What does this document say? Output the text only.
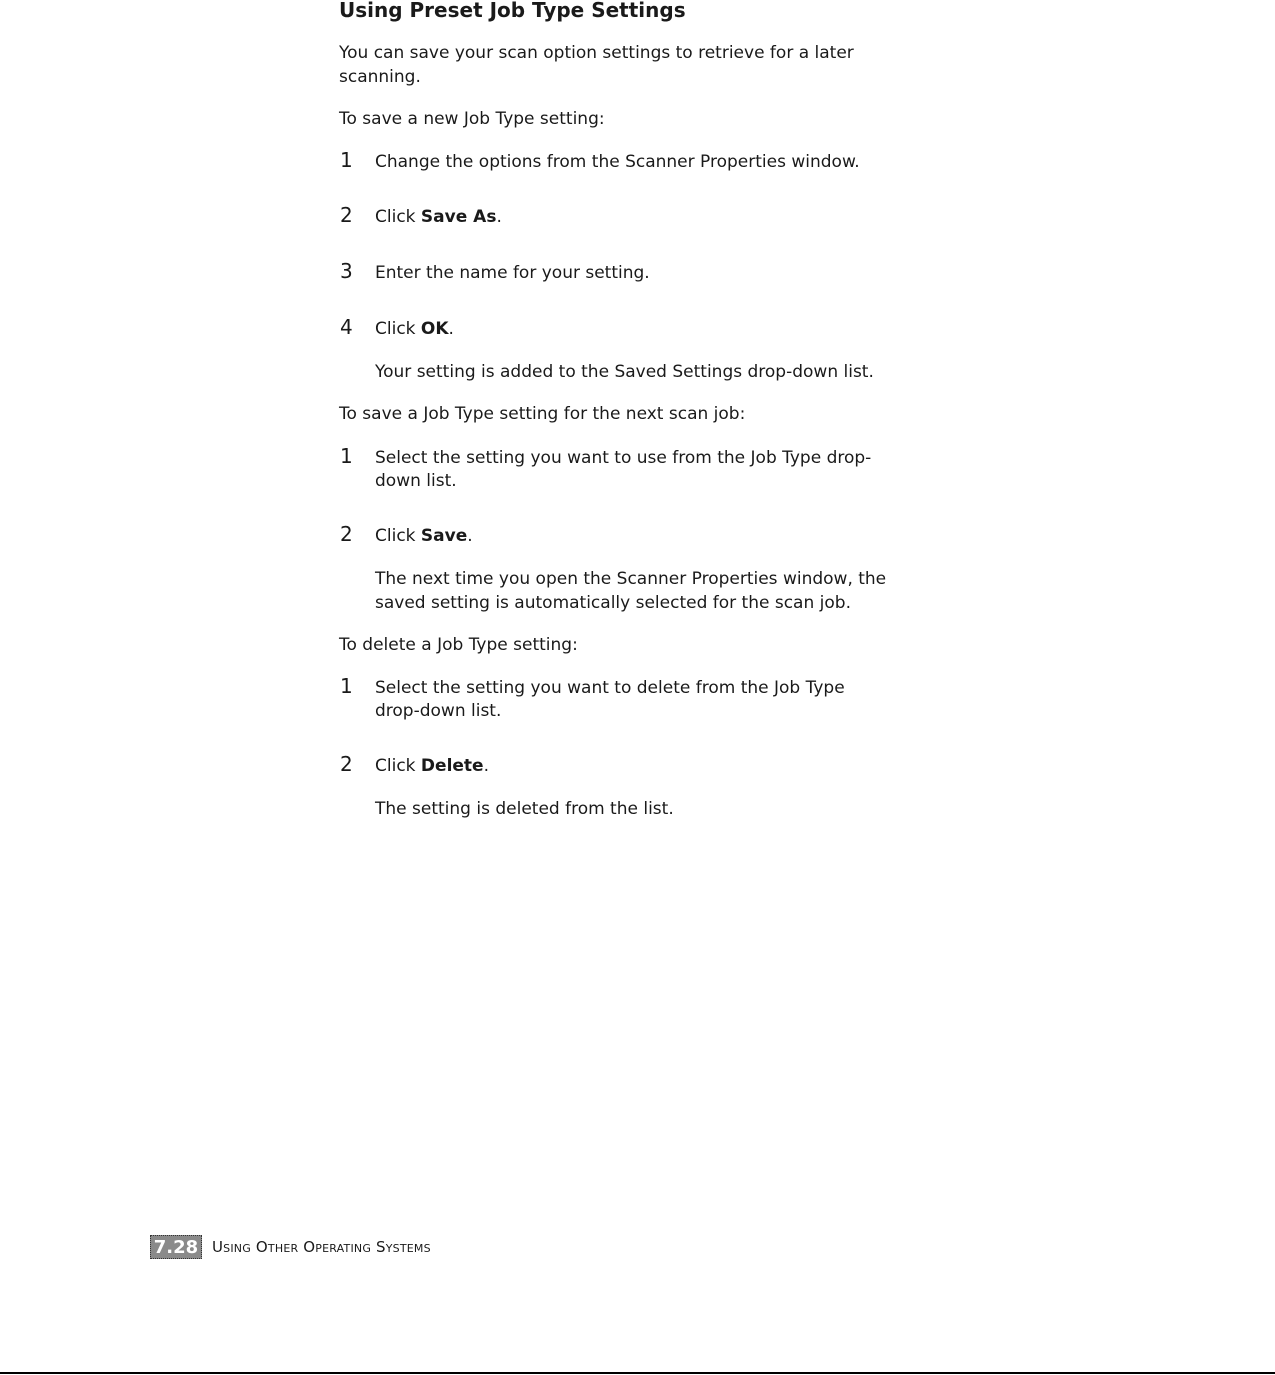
Using Preset Job Type Settings

You can save your scan option settings to retrieve for a later

scanning.

To save a new Job Type setting:

1 Change the options from the Scanner Properties window.

2 Click Save As.

3 Enter the name for your setting.

4 Click OK.

Your setting is added to the Saved Settings drop-down list.

To save a Job Type setting for the next scan job:

1 Select the setting you want to use from the Job Type drop-

down list.

2 Click Save.

The next time you open the Scanner Properties window, the

saved setting is automatically selected for the scan job.

To delete a Job Type setting:

1 Select the setting you want to delete from the Job Type

drop-down list.

2 Click Delete.

The setting is deleted from the list.

7.28 Using Other Operating Systems
